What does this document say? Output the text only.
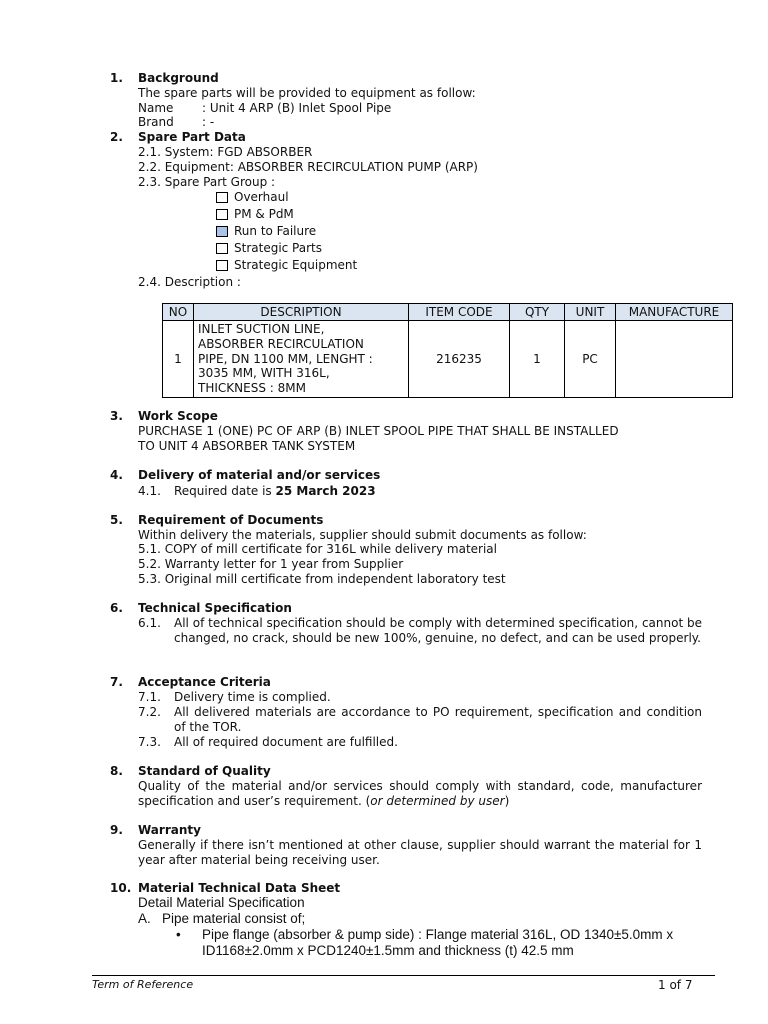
1. Background
The spare parts will be provided to equipment as follow:
Name : Unit 4 ARP (B) Inlet Spool Pipe
Brand : -
2. Spare Part Data
2.1. System: FGD ABSORBER
2.2. Equipment: ABSORBER RECIRCULATION PUMP (ARP)
2.3. Spare Part Group :
Overhaul
PM & PdM
Run to Failure
Strategic Parts
Strategic Equipment
2.4. Description :
NO	DESCRIPTION	ITEM CODE	QTY	UNIT	MANUFACTURE
1	INLET SUCTION LINE,
ABSORBER RECIRCULATION
PIPE, DN 1100 MM, LENGHT :
3035 MM, WITH 316L,
THICKNESS : 8MM	216235	1	PC	
3. Work Scope
PURCHASE 1 (ONE) PC OF ARP (B) INLET SPOOL PIPE THAT SHALL BE INSTALLED
TO UNIT 4 ABSORBER TANK SYSTEM
4. Delivery of material and/or services
4.1. Required date is 25 March 2023
5. Requirement of Documents
Within delivery the materials, supplier should submit documents as follow:
5.1. COPY of mill certificate for 316L while delivery material
5.2. Warranty letter for 1 year from Supplier
5.3. Original mill certificate from independent laboratory test
6. Technical Specification
6.1. All of technical specification should be comply with determined specification, cannot be changed, no crack, should be new 100%, genuine, no defect, and can be used properly.
7. Acceptance Criteria
7.1. Delivery time is complied.
7.2. All delivered materials are accordance to PO requirement, specification and condition of the TOR.
7.3. All of required document are fulfilled.
8. Standard of Quality
Quality of the material and/or services should comply with standard, code, manufacturer specification and user’s requirement. (or determined by user)
9. Warranty
Generally if there isn’t mentioned at other clause, supplier should warrant the material for 1 year after material being receiving user.
10. Material Technical Data Sheet
Detail Material Specification
A. Pipe material consist of;
• Pipe flange (absorber & pump side) : Flange material 316L, OD 1340±5.0mm x
ID1168±2.0mm x PCD1240±1.5mm and thickness (t) 42.5 mm
Term of Reference	1 of 7
